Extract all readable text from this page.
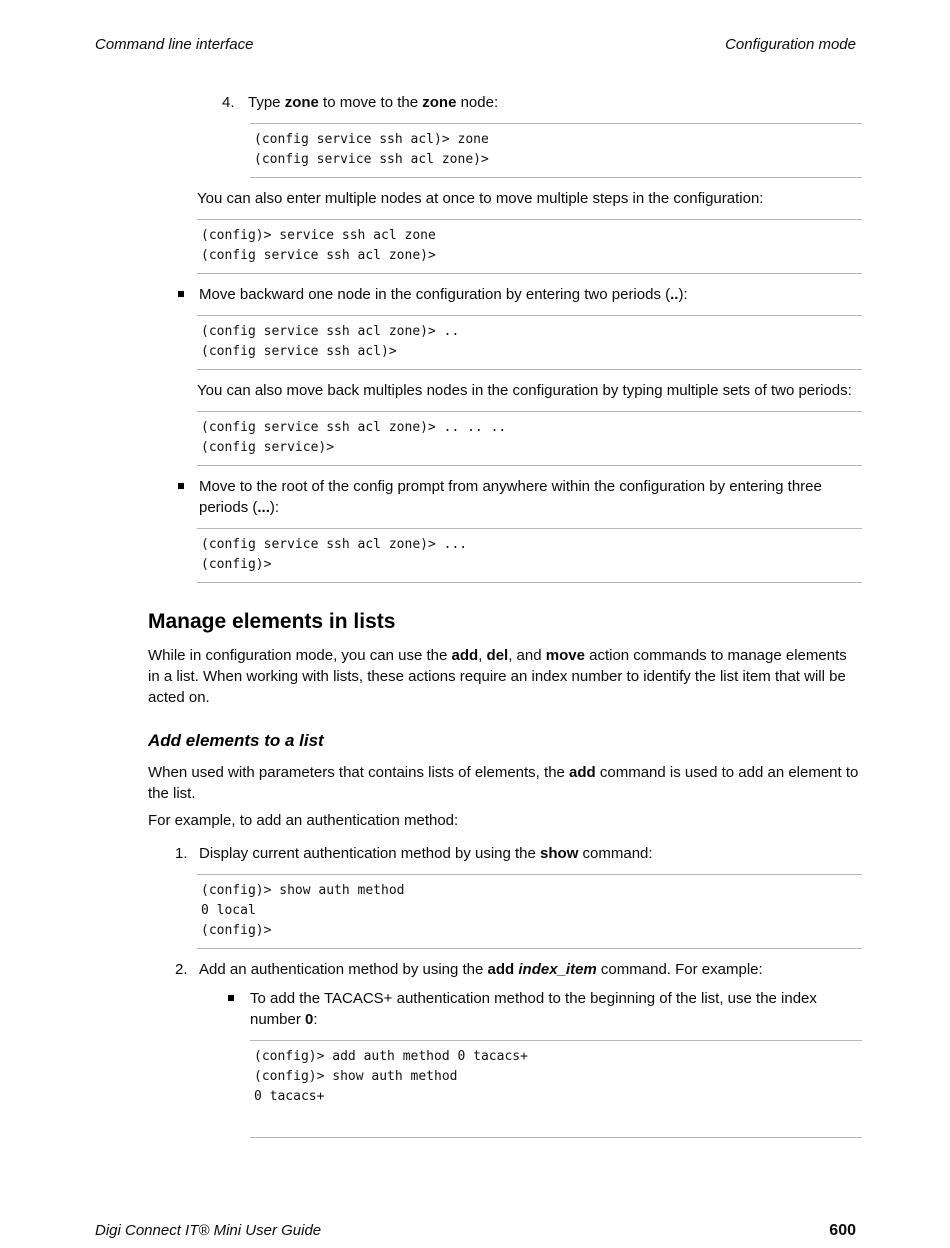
Command line interface	Configuration mode
4. Type zone to move to the zone node:
(config service ssh acl)> zone
(config service ssh acl zone)>

You can also enter multiple nodes at once to move multiple steps in the configuration:

(config)> service ssh acl zone
(config service ssh acl zone)>
Move backward one node in the configuration by entering two periods (..):
(config service ssh acl zone)> ..
(config service ssh acl)>

You can also move back multiples nodes in the configuration by typing multiple sets of two periods:

(config service ssh acl zone)> .. .. ..
(config service)>
Move to the root of the config prompt from anywhere within the configuration by entering three periods (...):
(config service ssh acl zone)> ...
(config)>
Manage elements in lists

While in configuration mode, you can use the add, del, and move action commands to manage elements in a list. When working with lists, these actions require an index number to identify the list item that will be acted on.

Add elements to a list

When used with parameters that contains lists of elements, the add command is used to add an element to the list.

For example, to add an authentication method:

1. Display current authentication method by using the show command:
(config)> show auth method
0 local
(config)>
2. Add an authentication method by using the add index_item command. For example:
To add the TACACS+ authentication method to the beginning of the list, use the index number 0:
(config)> add auth method 0 tacacs+
(config)> show auth method
0 tacacs+
Digi Connect IT® Mini User Guide	600
